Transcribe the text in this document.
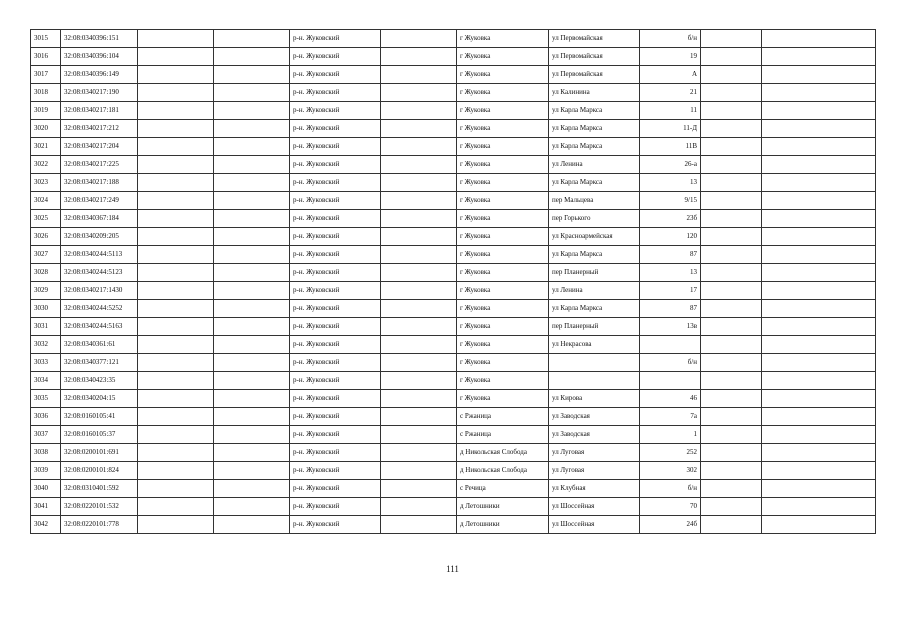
3015	32:08:0340396:151			р-н. Жуковский		г Жуковка	ул Первомайская	б/н		
3016	32:08:0340396:104			р-н. Жуковский		г Жуковка	ул Первомайская	19		
3017	32:08:0340396:149			р-н. Жуковский		г Жуковка	ул Первомайская	А		
3018	32:08:0340217:190			р-н. Жуковский		г Жуковка	ул Калинина	21		
3019	32:08:0340217:181			р-н. Жуковский		г Жуковка	ул Карла Маркса	11		
3020	32:08:0340217:212			р-н. Жуковский		г Жуковка	ул Карла Маркса	11-Д		
3021	32:08:0340217:204			р-н. Жуковский		г Жуковка	ул Карла Маркса	11В		
3022	32:08:0340217:225			р-н. Жуковский		г Жуковка	ул Ленина	26-а		
3023	32:08:0340217:188			р-н. Жуковский		г Жуковка	ул Карла Маркса	13		
3024	32:08:0340217:249			р-н. Жуковский		г Жуковка	пер Мальцева	9/15		
3025	32:08:0340367:184			р-н. Жуковский		г Жуковка	пер Горького	23б		
3026	32:08:0340209:205			р-н. Жуковский		г Жуковка	ул Красноармейская	120		
3027	32:08:0340244:5113			р-н. Жуковский		г Жуковка	ул Карла Маркса	87		
3028	32:08:0340244:5123			р-н. Жуковский		г Жуковка	пер Планерный	13		
3029	32:08:0340217:1430			р-н. Жуковский		г Жуковка	ул Ленина	17		
3030	32:08:0340244:5252			р-н. Жуковский		г Жуковка	ул Карла Маркса	87		
3031	32:08:0340244:5163			р-н. Жуковский		г Жуковка	пер Планерный	13в		
3032	32:08:0340361:61			р-н. Жуковский		г Жуковка	ул Некрасова			
3033	32:08:0340377:121			р-н. Жуковский		г Жуковка		б/н		
3034	32:08:0340423:35			р-н. Жуковский		г Жуковка				
3035	32:08:0340204:15			р-н. Жуковский		г Жуковка	ул Кирова	46		
3036	32:08:0160105:41			р-н. Жуковский		с Ржаница	ул Заводская	7а		
3037	32:08:0160105:37			р-н. Жуковский		с Ржаница	ул Заводская	1		
3038	32:08:0200101:691			р-н. Жуковский		д Никольская Слобода	ул Луговая	252		
3039	32:08:0200101:824			р-н. Жуковский		д Никольская Слобода	ул Луговая	302		
3040	32:08:0310401:592			р-н. Жуковский		с Речица	ул Клубная	б/н		
3041	32:08:0220101:532			р-н. Жуковский		д Летошники	ул Шоссейная	70		
3042	32:08:0220101:778			р-н. Жуковский		д Летошники	ул Шоссейная	24б		
111
